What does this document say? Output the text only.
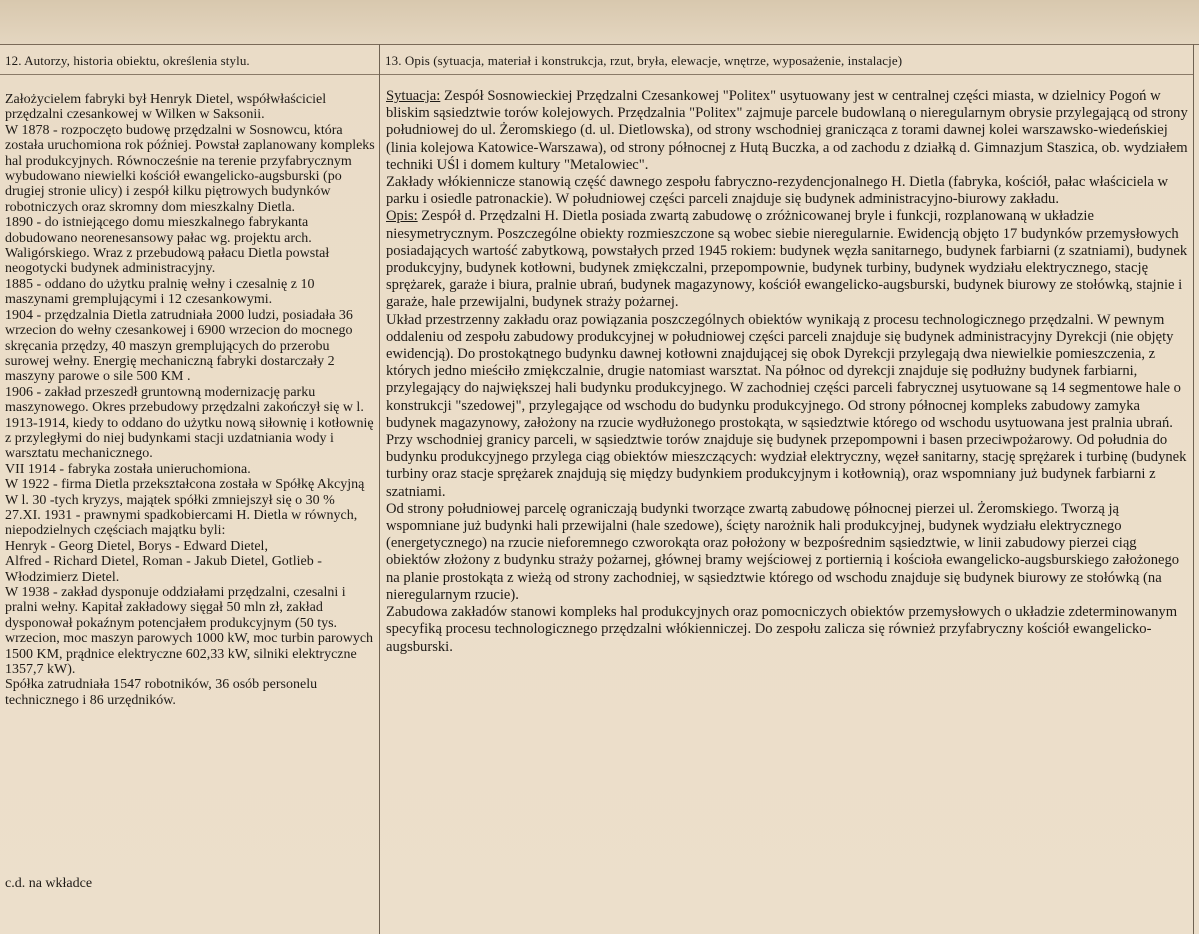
12. Autorzy, historia obiektu, określenia stylu.	13. Opis (sytuacja, materiał i konstrukcja, rzut, bryła, elewacje, wnętrze, wyposażenie, instalacje)

Założycielem fabryki był Henryk Dietel, współwłaściciel przędzalni czesankowej w Wilken w Saksonii.

W 1878 - rozpoczęto budowę przędzalni w Sosnowcu, która została uruchomiona rok później. Powstał zaplanowany kompleks hal produkcyjnych. Równocześnie na terenie przyfabrycznym wybudowano niewielki kościół ewangelicko-augsburski (po drugiej stronie ulicy) i zespół kilku piętrowych budynków robotniczych oraz skromny dom mieszkalny Dietla.

1890 - do istniejącego domu mieszkalnego fabrykanta dobudowano neorenesansowy pałac wg. projektu arch. Waligórskiego. Wraz z przebudową pałacu Dietla powstał neogotycki budynek administracyjny.

1885 - oddano do użytku pralnię wełny i czesalnię z 10 maszynami gremplującymi i 12 czesankowymi.

1904 - przędzalnia Dietla zatrudniała 2000 ludzi, posiadała 36 wrzecion do wełny czesankowej i 6900 wrzecion do mocnego skręcania przędzy, 40 maszyn gremplujących do przerobu surowej wełny. Energię mechaniczną fabryki dostarczały 2 maszyny parowe o sile 500 KM .

1906 - zakład przeszedł gruntowną modernizację parku maszynowego. Okres przebudowy przędzalni zakończył się w l. 1913-1914, kiedy to oddano do użytku nową siłownię i kotłownię z przyległymi do niej budynkami stacji uzdatniania wody i warsztatu mechanicznego.

VII 1914 - fabryka została unieruchomiona.

W 1922 - firma Dietla przekształcona została w Spółkę Akcyjną

W l. 30 -tych kryzys, majątek spółki zmniejszył się o 30 %

27.XI. 1931 - prawnymi spadkobiercami H. Dietla w równych, niepodzielnych częściach majątku byli:

Henryk - Georg Dietel, Borys - Edward Dietel,

Alfred - Richard Dietel, Roman - Jakub Dietel, Gotlieb - Włodzimierz Dietel.

W 1938 - zakład dysponuje oddziałami przędzalni, czesalni i pralni wełny. Kapitał zakładowy sięgał 50 mln zł, zakład dysponował pokaźnym potencjałem produkcyjnym (50 tys. wrzecion, moc maszyn parowych 1000 kW, moc turbin parowych 1500 KM, prądnice elektryczne 602,33 kW, silniki elektryczne 1357,7 kW).

Spółka zatrudniała 1547 robotników, 36 osób personelu technicznego i 86 urzędników.

c.d. na wkładce

Sytuacja: Zespół Sosnowieckiej Przędzalni Czesankowej "Politex" usytuowany jest w centralnej części miasta, w dzielnicy Pogoń w bliskim sąsiedztwie torów kolejowych. Przędzalnia "Politex" zajmuje parcele budowlaną o nieregularnym obrysie przylegającą od strony południowej do ul. Żeromskiego (d. ul. Dietlowska), od strony wschodniej granicząca z torami dawnej kolei warszawsko-wiedeńskiej (linia kolejowa Katowice-Warszawa), od strony północnej z Hutą Buczka, a od zachodu z działką d. Gimnazjum Staszica, ob. wydziałem techniki UŚl i domem kultury "Metalowiec".

Zakłady włókiennicze stanowią część dawnego zespołu fabryczno-rezydencjonalnego H. Dietla (fabryka, kościół, pałac właściciela w parku i osiedle patronackie). W południowej części parceli znajduje się budynek administracyjno-biurowy zakładu.

Opis: Zespół d. Przędzalni H. Dietla posiada zwartą zabudowę o zróżnicowanej bryle i funkcji, rozplanowaną w układzie niesymetrycznym. Poszczególne obiekty rozmieszczone są wobec siebie nieregularnie. Ewidencją objęto 17 budynków przemysłowych posiadających wartość zabytkową, powstałych przed 1945 rokiem: budynek węzła sanitarnego, budynek farbiarni (z szatniami), budynek produkcyjny, budynek kotłowni, budynek zmiękczalni, przepompownie, budynek turbiny, budynek wydziału elektrycznego, stację sprężarek, garaże i biura, pralnie ubrań, budynek magazynowy, kościół ewangelicko-augsburski, budynek biurowy ze stołówką, stajnie i garaże, hale przewijalni, budynek straży pożarnej.

Układ przestrzenny zakładu oraz powiązania poszczególnych obiektów wynikają z procesu technologicznego przędzalni. W pewnym oddaleniu od zespołu zabudowy produkcyjnej w południowej części parceli znajduje się budynek administracyjny Dyrekcji (nie objęty ewidencją). Do prostokątnego budynku dawnej kotłowni znajdującej się obok Dyrekcji przylegają dwa niewielkie pomieszczenia, z których jedno mieściło zmiękczalnie, drugie natomiast warsztat. Na północ od dyrekcji znajduje się podłużny budynek farbiarni, przylegający do największej hali budynku produkcyjnego. W zachodniej części parceli fabrycznej usytuowane są 14 segmentowe hale o konstrukcji "szedowej", przylegające od wschodu do budynku produkcyjnego. Od strony północnej kompleks zabudowy zamyka budynek magazynowy, założony na rzucie wydłużonego prostokąta, w sąsiedztwie którego od wschodu usytuowana jest pralnia ubrań. Przy wschodniej granicy parceli, w sąsiedztwie torów znajduje się budynek przepompowni i basen przeciwpożarowy. Od południa do budynku produkcyjnego przylega ciąg obiektów mieszczących: wydział elektryczny, węzeł sanitarny, stację sprężarek i turbinę (budynek turbiny oraz stacje sprężarek znajdują się między budynkiem produkcyjnym i kotłownią), oraz wspomniany już budynek farbiarni z szatniami.

Od strony południowej parcelę ograniczają budynki tworzące zwartą zabudowę północnej pierzei ul. Żeromskiego. Tworzą ją wspomniane już budynki hali przewijalni (hale szedowe), ścięty narożnik hali produkcyjnej, budynek wydziału elektrycznego (energetycznego) na rzucie nieforemnego czworokąta oraz położony w bezpośrednim sąsiedztwie, w linii zabudowy pierzei ciąg obiektów złożony z budynku straży pożarnej, głównej bramy wejściowej z portiernią i kościoła ewangelicko-augsburskiego założonego na planie prostokąta z wieżą od strony zachodniej, w sąsiedztwie którego od wschodu znajduje się budynek biurowy ze stołówką (na nieregularnym rzucie).

Zabudowa zakładów stanowi kompleks hal produkcyjnych oraz pomocniczych obiektów przemysłowych o układzie zdeterminowanym specyfiką procesu technologicznego przędzalni włókienniczej. Do zespołu zalicza się również przyfabryczny kościół ewangelicko-augsburski.
